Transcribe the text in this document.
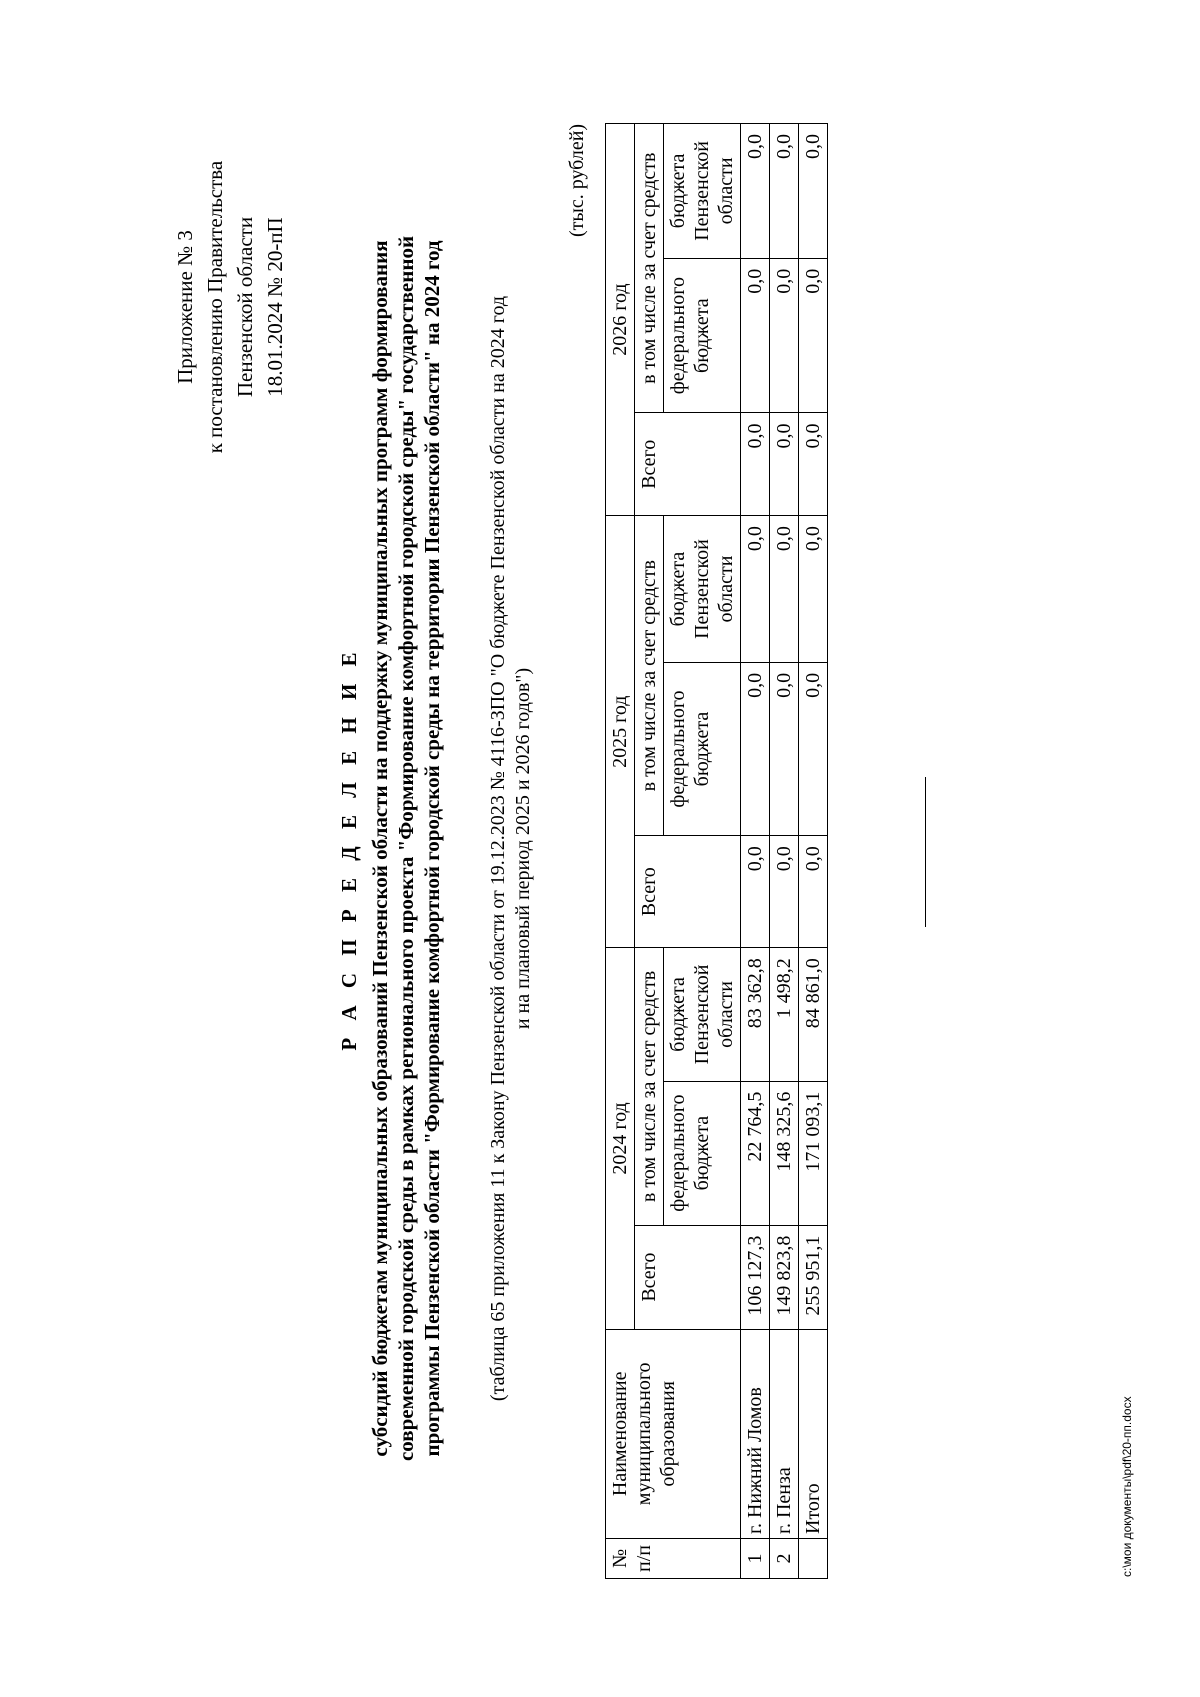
Приложение № 3 к постановлению Правительства Пензенской области 18.01.2024 № 20-пП
Р А С П Р Е Д Е Л Е Н И Е субсидий бюджетам муниципальных образований Пензенской области на поддержку муниципальных программ формирования современной городской среды в рамках регионального проекта "Формирование комфортной городской среды" государственной программы Пензенской области "Формирование комфортной городской среды на территории Пензенской области" на 2024 год (таблица 65 приложения 11 к Закону Пензенской области от 19.12.2023 № 4116-ЗПО "О бюджете Пензенской области на 2024 год и на плановый период 2025 и 2026 годов")
(тыс. рублей)
№ п/п	Наименование муниципального образования	2024 год			2025 год			2026 год		
		Всего	в том числе за счет средств		Всего	в том числе за счет средств		Всего	в том числе за счет средств	
			федерального бюджета	бюджета Пензенской области		федерального бюджета	бюджета Пензенской области		федерального бюджета	бюджета Пензенской области
1	г. Нижний Ломов	106 127,3	22 764,5	83 362,8	0,0	0,0	0,0	0,0	0,0	0,0
2	г. Пенза	149 823,8	148 325,6	1 498,2	0,0	0,0	0,0	0,0	0,0	0,0
	Итого	255 951,1	171 093,1	84 861,0	0,0	0,0	0,0	0,0	0,0	0,0
c:\мои документы\pdf\20-пп.docx
